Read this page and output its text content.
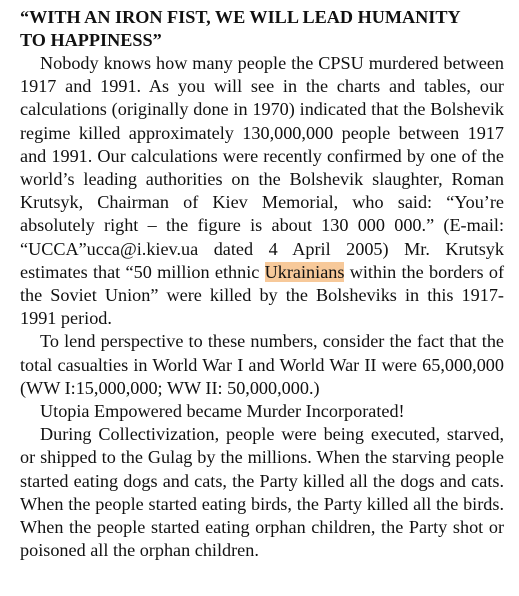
“WITH AN IRON FIST, WE WILL LEAD HUMANITY
TO HAPPINESS”

Nobody knows how many people the CPSU murdered between 1917 and 1991. As you will see in the charts and tables, our calculations (originally done in 1970) indicated that the Bolshevik regime killed approximately 130,000,000 people between 1917 and 1991. Our calculations were recently confirmed by one of the world’s leading authorities on the Bolshevik slaughter, Roman Krutsyk, Chairman of Kiev Memorial, who said: “You’re absolutely right – the figure is about 130 000 000.” (E-mail: “UCCA”ucca@i.kiev.ua dated 4 April 2005) Mr. Krutsyk estimates that “50 million ethnic Ukrainians within the borders of the Soviet Union” were killed by the Bolsheviks in this 1917-1991 period.

To lend perspective to these numbers, consider the fact that the total casualties in World War I and World War II were 65,000,000 (WW I:15,000,000; WW II: 50,000,000.)

Utopia Empowered became Murder Incorporated!

During Collectivization, people were being executed, starved, or shipped to the Gulag by the millions. When the starving people started eating dogs and cats, the Party killed all the dogs and cats. When the people started eating birds, the Party killed all the birds. When the people started eating orphan children, the Party shot or poisoned all the orphan children.
